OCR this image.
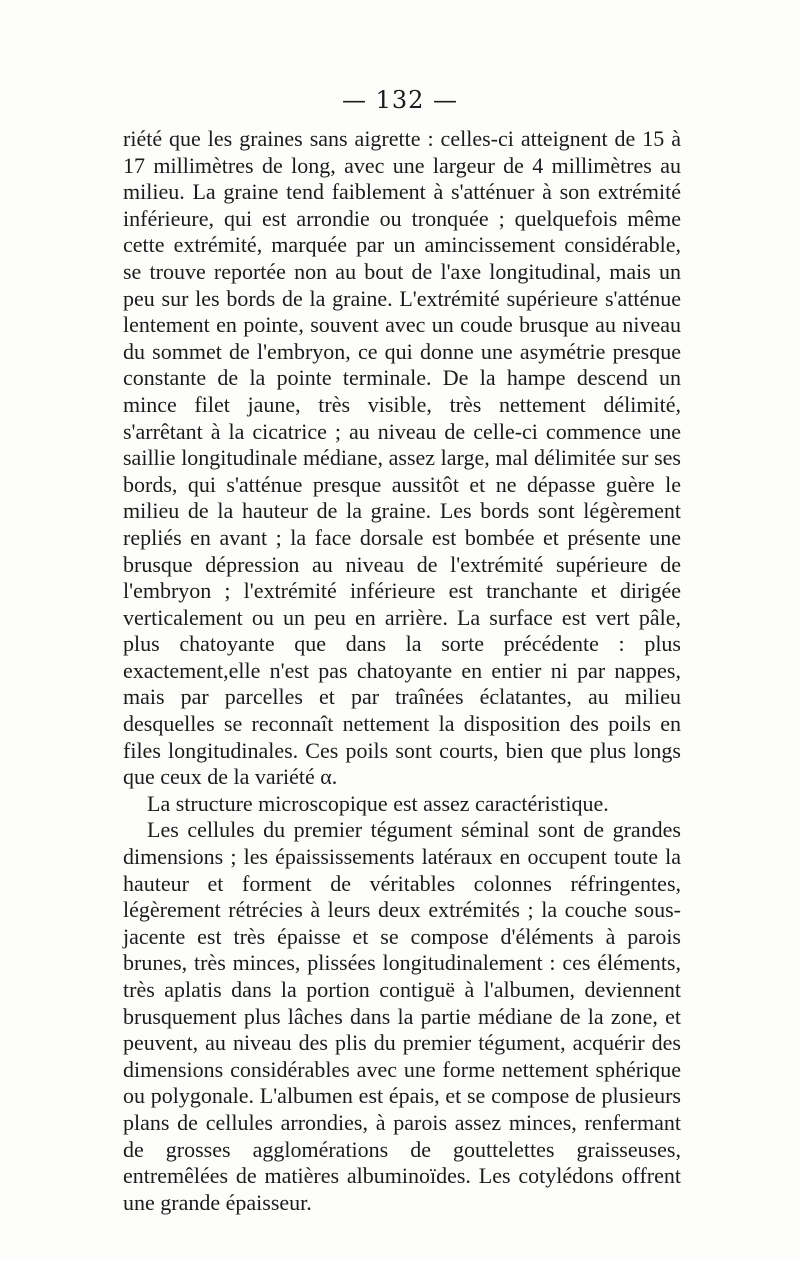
— 132 —

riété que les graines sans aigrette : celles-ci atteignent de 15 à 17 millimètres de long, avec une largeur de 4 millimètres au milieu. La graine tend faiblement à s'atténuer à son extrémité inférieure, qui est arrondie ou tronquée ; quelquefois même cette extrémité, marquée par un amincissement considérable, se trouve reportée non au bout de l'axe longitudinal, mais un peu sur les bords de la graine. L'extrémité supérieure s'atténue lentement en pointe, souvent avec un coude brusque au niveau du sommet de l'embryon, ce qui donne une asymétrie presque constante de la pointe terminale. De la hampe descend un mince filet jaune, très visible, très nettement délimité, s'arrêtant à la cicatrice ; au niveau de celle-ci commence une saillie longitudinale médiane, assez large, mal délimitée sur ses bords, qui s'atténue presque aussitôt et ne dépasse guère le milieu de la hauteur de la graine. Les bords sont légèrement repliés en avant ; la face dorsale est bombée et présente une brusque dépression au niveau de l'extrémité supérieure de l'embryon ; l'extrémité inférieure est tranchante et dirigée verticalement ou un peu en arrière. La surface est vert pâle, plus chatoyante que dans la sorte précédente : plus exactement,elle n'est pas chatoyante en entier ni par nappes, mais par parcelles et par traînées éclatantes, au milieu desquelles se reconnaît nettement la disposition des poils en files longitudinales. Ces poils sont courts, bien que plus longs que ceux de la variété α.

La structure microscopique est assez caractéristique.

Les cellules du premier tégument séminal sont de grandes dimensions ; les épaississements latéraux en occupent toute la hauteur et forment de véritables colonnes réfringentes, légèrement rétrécies à leurs deux extrémités ; la couche sous-jacente est très épaisse et se compose d'éléments à parois brunes, très minces, plissées longitudinalement : ces éléments, très aplatis dans la portion contiguë à l'albumen, deviennent brusquement plus lâches dans la partie médiane de la zone, et peuvent, au niveau des plis du premier tégument, acquérir des dimensions considérables avec une forme nettement sphérique ou polygonale. L'albumen est épais, et se compose de plusieurs plans de cellules arrondies, à parois assez minces, renfermant de grosses agglomérations de gouttelettes graisseuses, entremêlées de matières albuminoïdes. Les cotylédons offrent une grande épaisseur.
